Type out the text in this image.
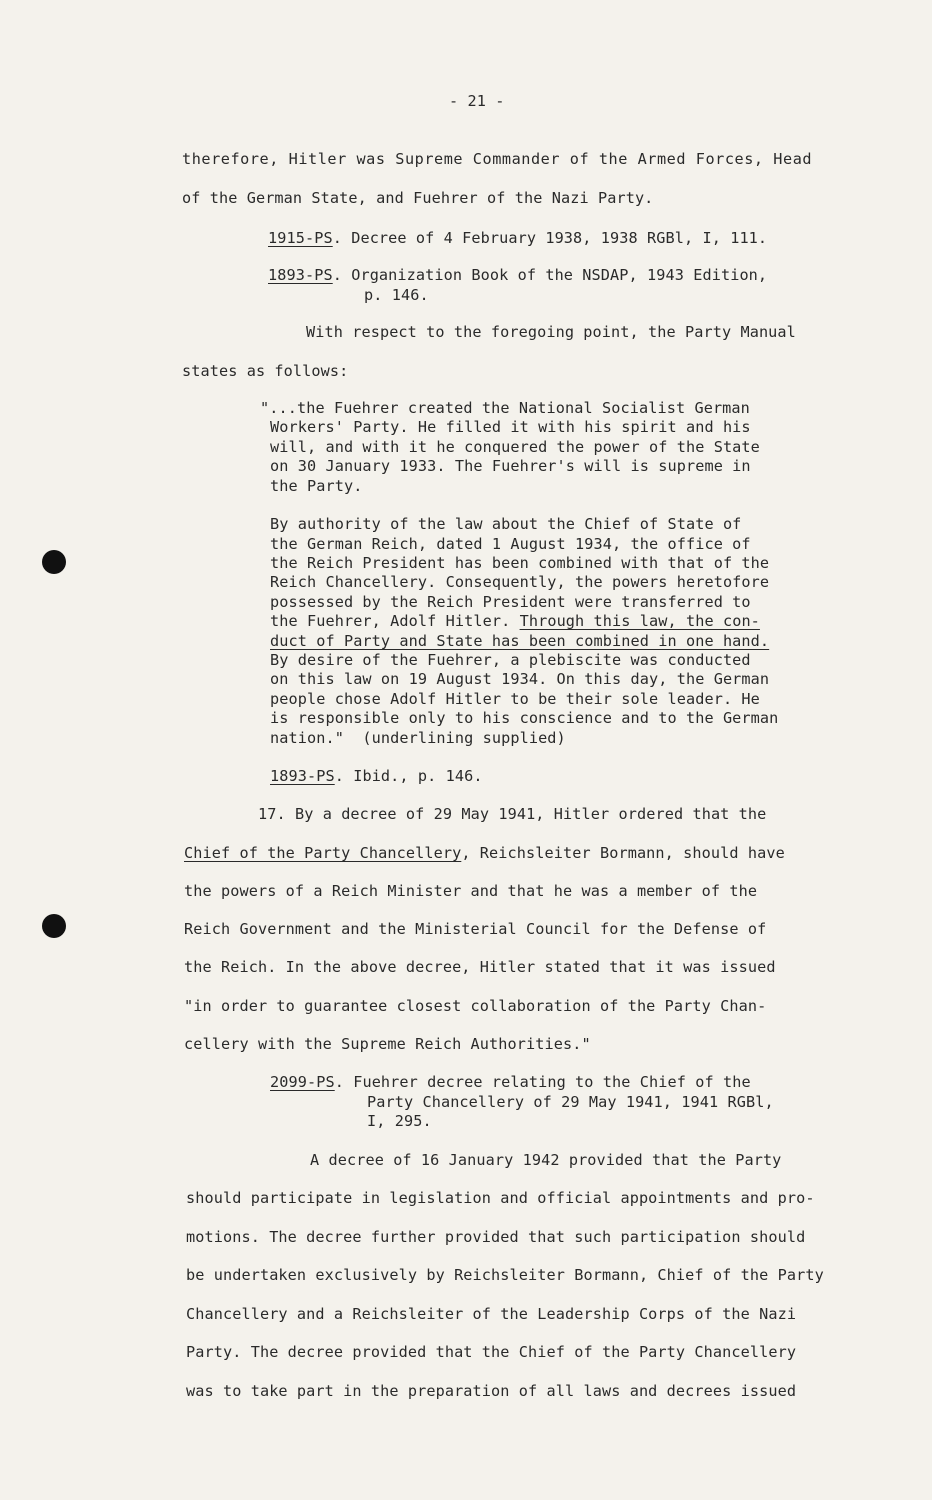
- 21 -
therefore, Hitler was Supreme Commander of the Armed Forces, Head
of the German State, and Fuehrer of the Nazi Party.
1915-PS. Decree of 4 February 1938, 1938 RGBl, I, 111.
1893-PS. Organization Book of the NSDAP, 1943 Edition,
p. 146.
With respect to the foregoing point, the Party Manual
states as follows:
"...the Fuehrer created the National Socialist German
Workers' Party. He filled it with his spirit and his
will, and with it he conquered the power of the State
on 30 January 1933. The Fuehrer's will is supreme in
the Party.
By authority of the law about the Chief of State of
the German Reich, dated 1 August 1934, the office of
the Reich President has been combined with that of the
Reich Chancellery. Consequently, the powers heretofore
possessed by the Reich President were transferred to
the Fuehrer, Adolf Hitler. Through this law, the con-
duct of Party and State has been combined in one hand.
By desire of the Fuehrer, a plebiscite was conducted
on this law on 19 August 1934. On this day, the German
people chose Adolf Hitler to be their sole leader. He
is responsible only to his conscience and to the German
nation."  (underlining supplied)
1893-PS. Ibid., p. 146.
17. By a decree of 29 May 1941, Hitler ordered that the
Chief of the Party Chancellery, Reichsleiter Bormann, should have
the powers of a Reich Minister and that he was a member of the
Reich Government and the Ministerial Council for the Defense of
the Reich. In the above decree, Hitler stated that it was issued
"in order to guarantee closest collaboration of the Party Chan-
cellery with the Supreme Reich Authorities."
2099-PS. Fuehrer decree relating to the Chief of the
Party Chancellery of 29 May 1941, 1941 RGBl,
I, 295.
A decree of 16 January 1942 provided that the Party
should participate in legislation and official appointments and pro-
motions. The decree further provided that such participation should
be undertaken exclusively by Reichsleiter Bormann, Chief of the Party
Chancellery and a Reichsleiter of the Leadership Corps of the Nazi
Party. The decree provided that the Chief of the Party Chancellery
was to take part in the preparation of all laws and decrees issued
